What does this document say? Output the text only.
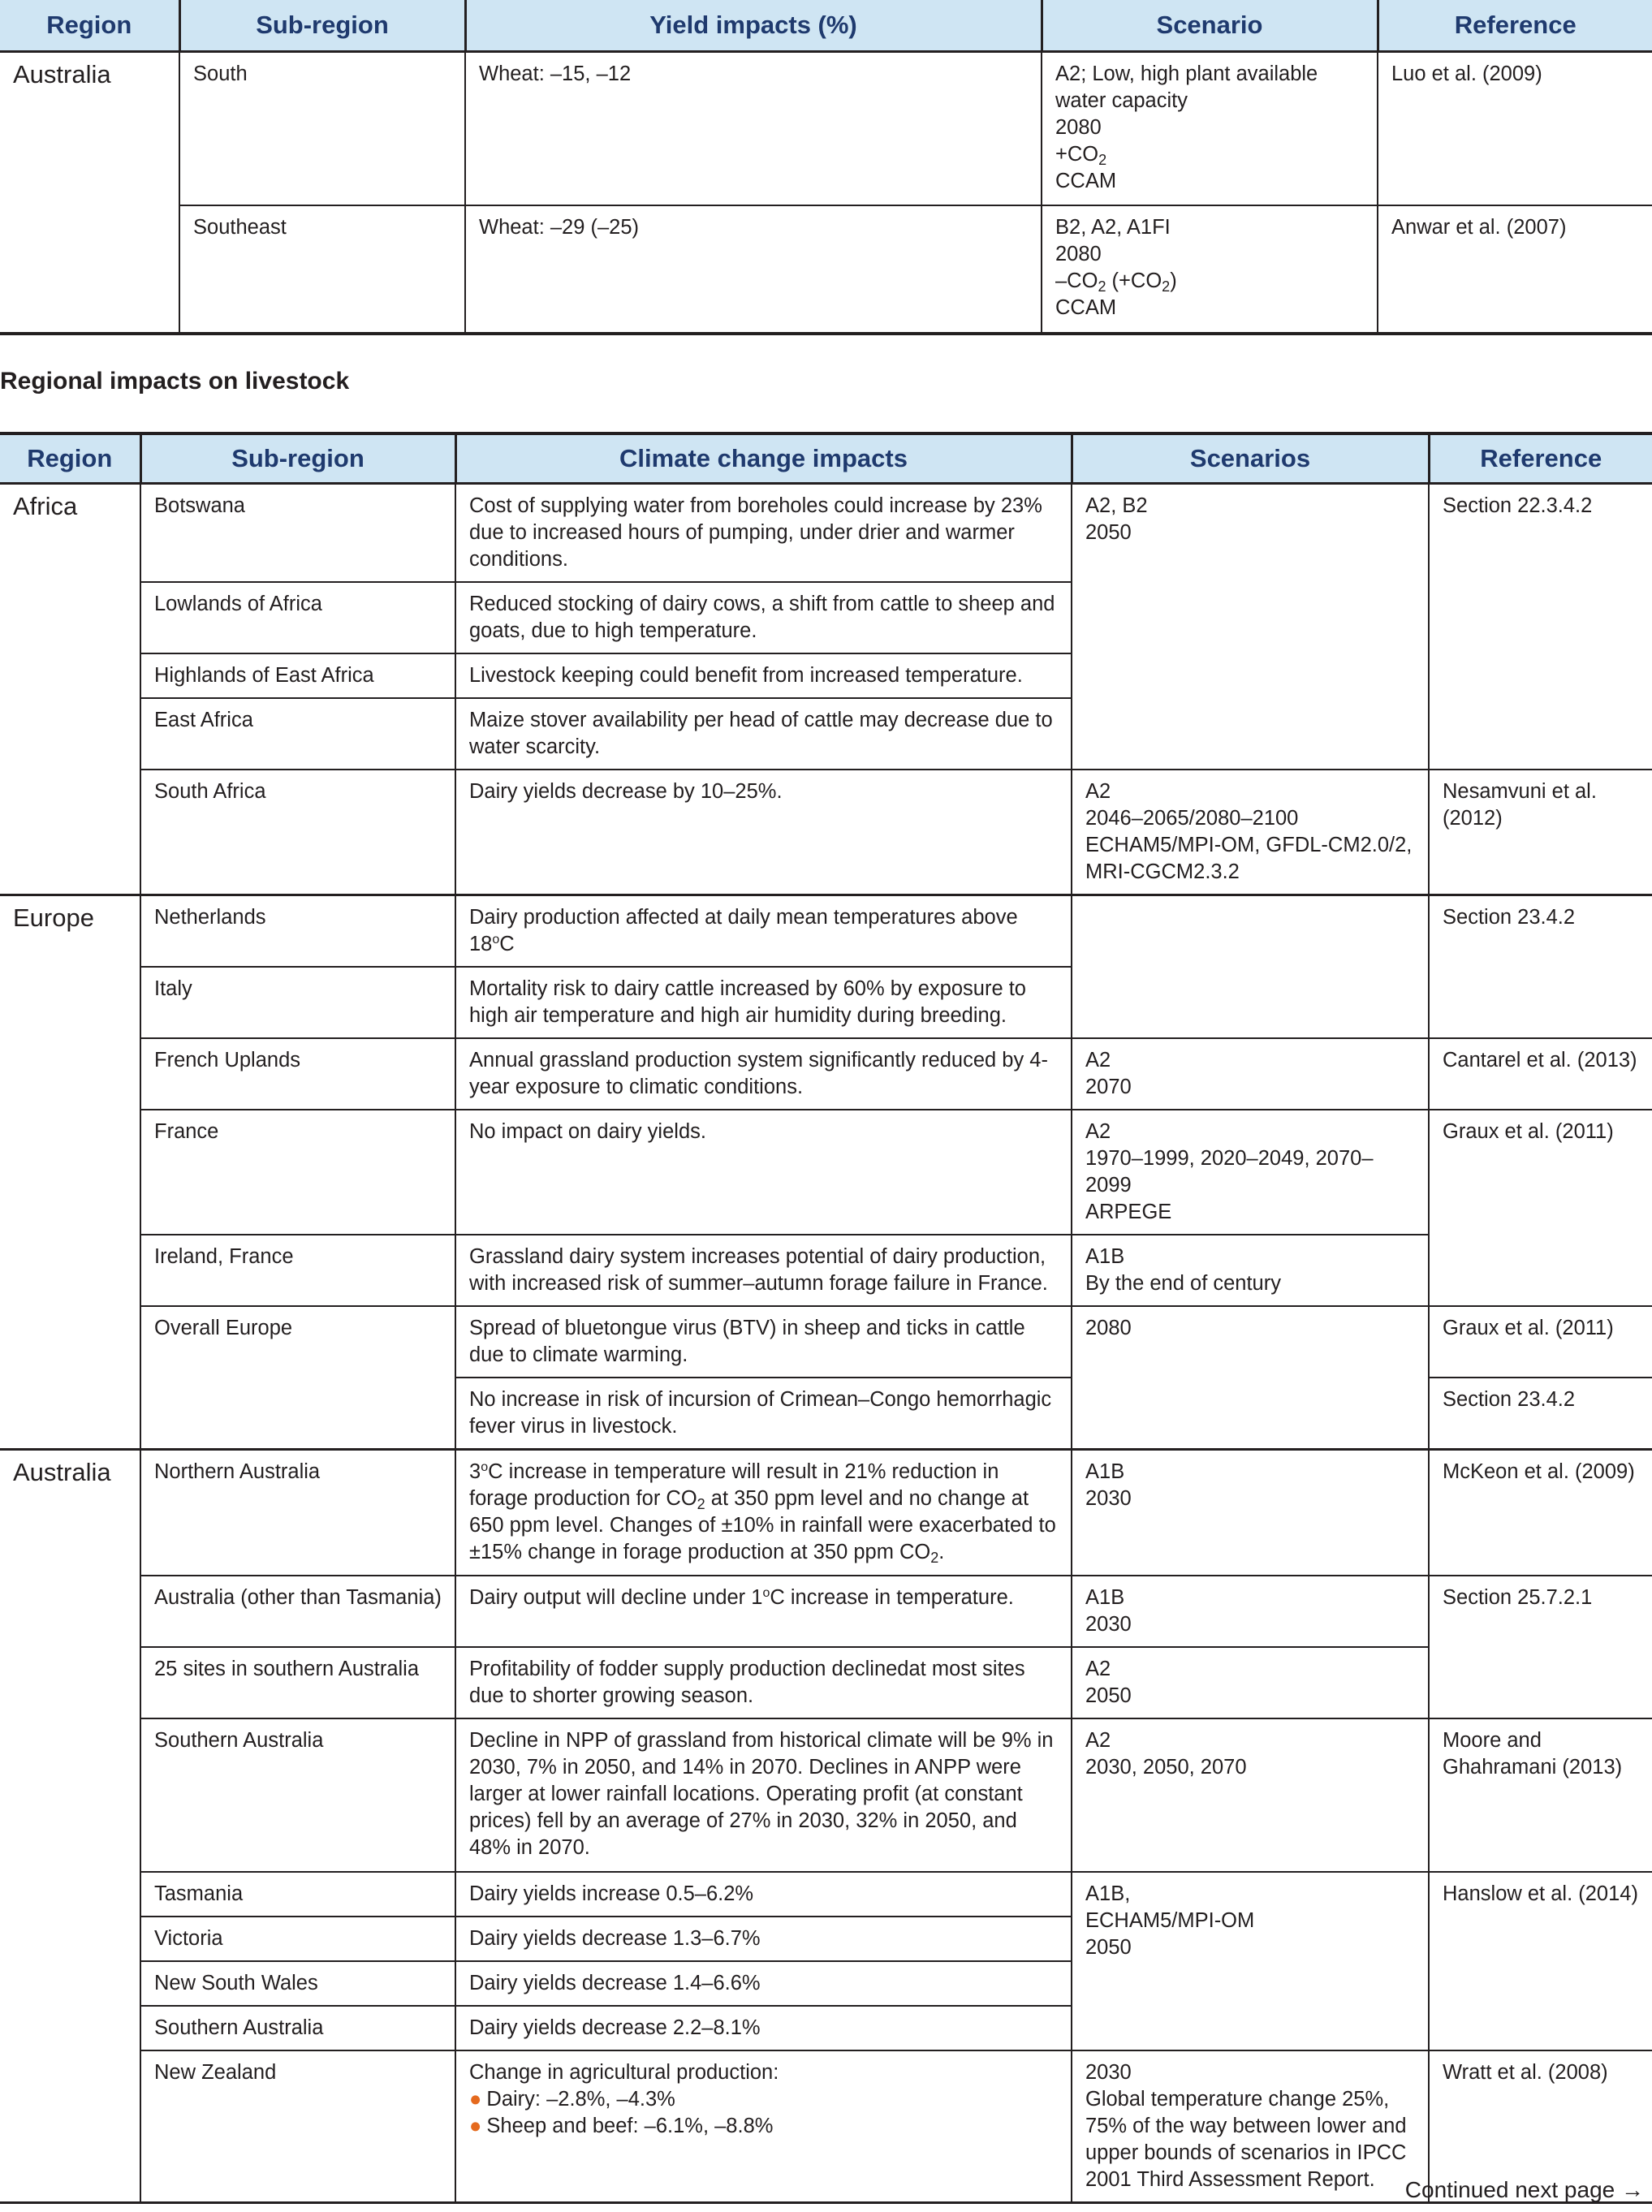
Region	Sub-region	Yield impacts (%)	Scenario	Reference
Australia	South	Wheat: –15, –12	A2; Low, high plant available water capacity
2080
$+CO_2$
CCAM	Luo et al. (2009)
	Southeast	Wheat: –29 (–25)	B2, A2, A1FI
2080
$-CO_2$ $(+CO_2)$
CCAM	Anwar et al. (2007)
Regional impacts on livestock
Region	Sub-region	Climate change impacts	Scenarios	Reference
Africa	Botswana	Cost of supplying water from boreholes could increase by 23% due to increased hours of pumping, under drier and warmer conditions.	A2, B2
2050	Section 22.3.4.2
	Lowlands of Africa	Reduced stocking of dairy cows, a shift from cattle to sheep and goats, due to high temperature.		
	Highlands of East Africa	Livestock keeping could benefit from increased temperature.		
	East Africa	Maize stover availability per head of cattle may decrease due to water scarcity.		
	South Africa	Dairy yields decrease by 10–25%.	A2
2046–2065/2080–2100
ECHAM5/MPI-OM, GFDL-CM2.0/2, MRI-CGCM2.3.2	Nesamvuni et al. (2012)
Europe	Netherlands	Dairy production affected at daily mean temperatures above 18$^o$C		Section 23.4.2
	Italy	Mortality risk to dairy cattle increased by 60% by exposure to high air temperature and high air humidity during breeding.		
	French Uplands	Annual grassland production system significantly reduced by 4-year exposure to climatic conditions.	A2
2070	Cantarel et al. (2013)
	France	No impact on dairy yields.	A2
1970–1999, 2020–2049, 2070–2099
ARPEGE	Graux et al. (2011)
	Ireland, France	Grassland dairy system increases potential of dairy production, with increased risk of summer–autumn forage failure in France.	A1B
By the end of century	

	Overall Europe	Spread of bluetongue virus (BTV) in sheep and ticks in cattle due to climate warming.	2080	Graux et al. (2011)
		No increase in risk of incursion of Crimean–Congo hemorrhagic fever virus in livestock.		Section 23.4.2
Australia	Northern Australia	3$^o$C increase in temperature will result in 21% reduction in forage production for $CO_2$ at 350 ppm level and no change at 650 ppm level. Changes of ±10% in rainfall were exacerbated to ±15% change in forage production at 350 ppm $CO_2$.	A1B
2030	McKeon et al. (2009)
	Australia (other than Tasmania)	Dairy output will decline under 1$^o$C increase in temperature.	A1B
2030	Section 25.7.2.1
	25 sites in southern Australia	Profitability of fodder supply production declinedat most sites due to shorter growing season.	A2
2050	

	Southern Australia	Decline in NPP of grassland from historical climate will be 9% in 2030, 7% in 2050, and 14% in 2070. Declines in ANPP were larger at lower rainfall locations. Operating profit (at constant prices) fell by an average of 27% in 2030, 32% in 2050, and 48% in 2070.	A2
2030, 2050, 2070	Moore and Ghahramani (2013)
	Tasmania	Dairy yields increase 0.5–6.2%	A1B,
ECHAM5/MPI-OM
2050	Hanslow et al. (2014)
	Victoria	Dairy yields decrease 1.3–6.7%		
	New South Wales	Dairy yields decrease 1.4–6.6%		
	Southern Australia	Dairy yields decrease 2.2–8.1%		
	New Zealand	Change in agricultural production:
● Dairy: –2.8%, –4.3%
● Sheep and beef: –6.1%, –8.8%	2030
Global temperature change 25%, 75% of the way between lower and upper bounds of scenarios in IPCC 2001 Third Assessment Report.	Wratt et al. (2008)
Continued next page →
